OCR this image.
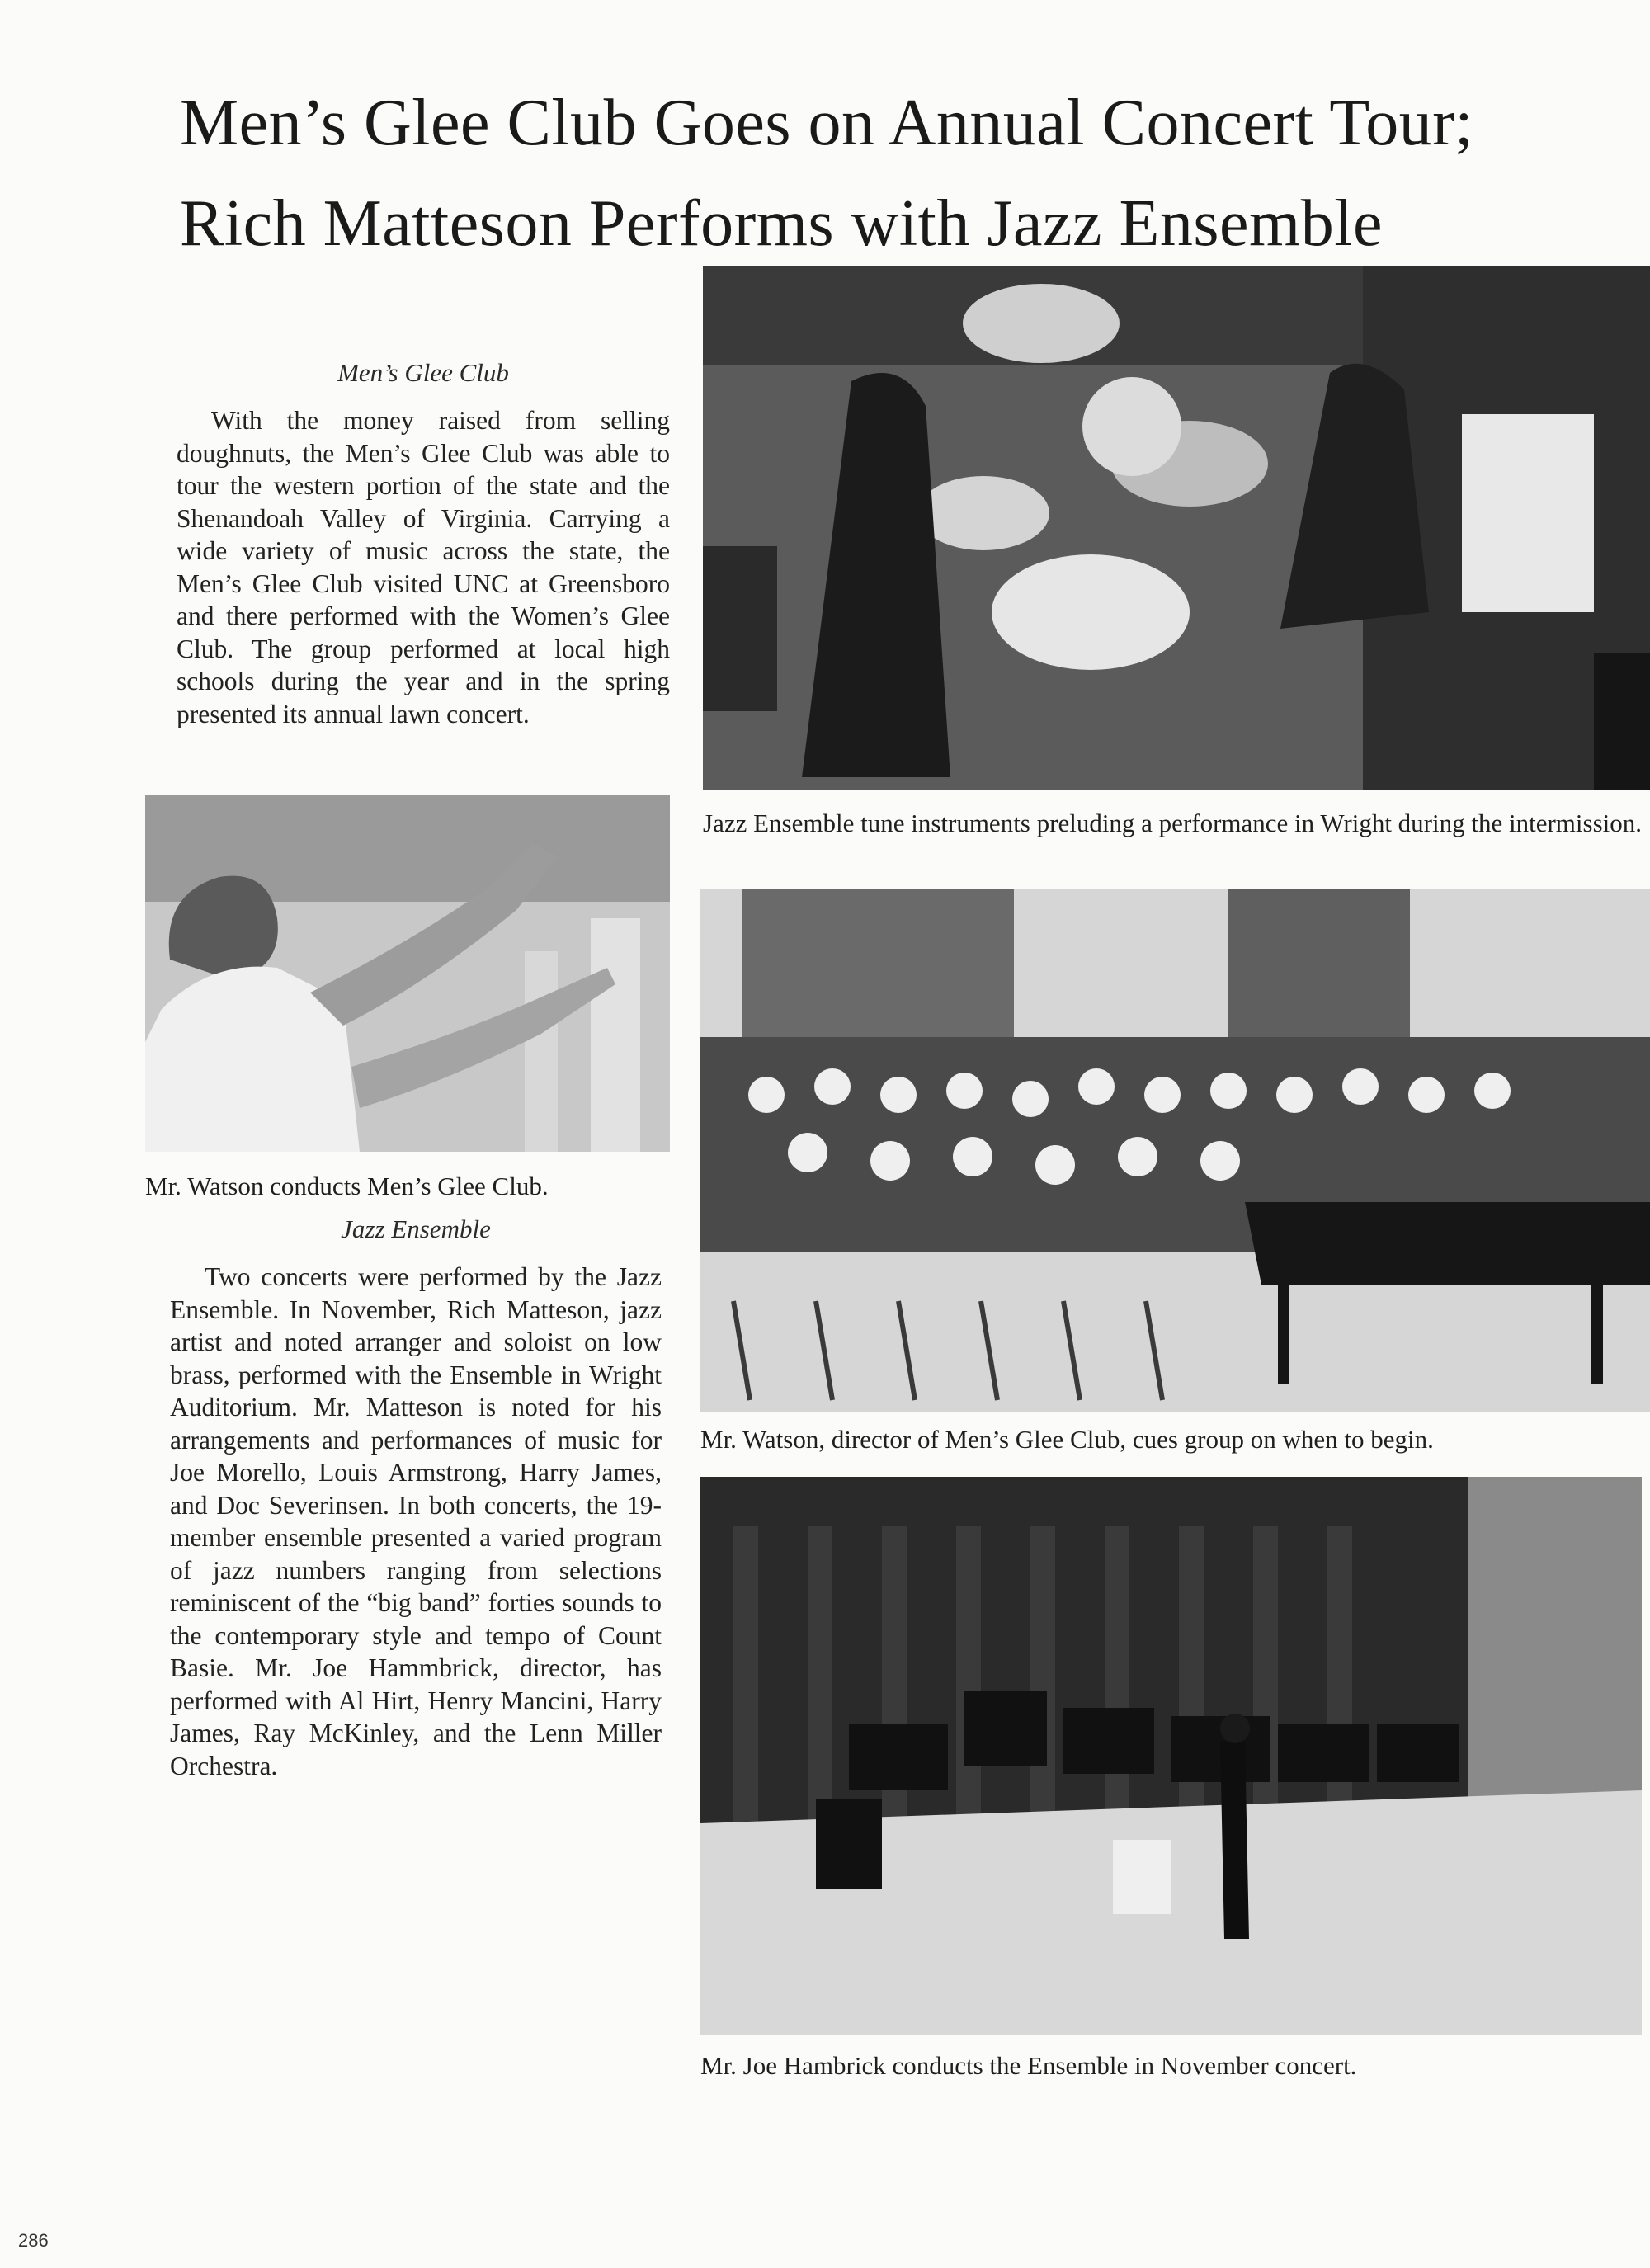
Men’s Glee Club Goes on Annual Concert Tour;
Rich Matteson Performs with Jazz Ensemble

Men’s Glee Club

With the money raised from selling doughnuts, the Men’s Glee Club was able to tour the western portion of the state and the Shenandoah Valley of Virginia. Carrying a wide variety of music across the state, the Men’s Glee Club visited UNC at Greensboro and there performed with the Women’s Glee Club. The group performed at local high schools during the year and in the spring presented its annual lawn concert.

Jazz Ensemble tune instruments preluding a performance in Wright during the intermission.

Mr. Watson conducts Men’s Glee Club.

Jazz Ensemble

Two concerts were performed by the Jazz Ensemble. In November, Rich Matteson, jazz artist and noted arranger and soloist on low brass, performed with the Ensemble in Wright Auditorium. Mr. Matteson is noted for his arrangements and performances of music for Joe Morello, Louis Armstrong, Harry James, and Doc Severinsen. In both concerts, the 19-member ensemble presented a varied program of jazz numbers ranging from selections reminiscent of the “big band” forties sounds to the contemporary style and tempo of Count Basie. Mr. Joe Hammbrick, director, has performed with Al Hirt, Henry Mancini, Harry James, Ray McKinley, and the Lenn Miller Orchestra.

Mr. Watson, director of Men’s Glee Club, cues group on when to begin.

Mr. Joe Hambrick conducts the Ensemble in November concert.

286
